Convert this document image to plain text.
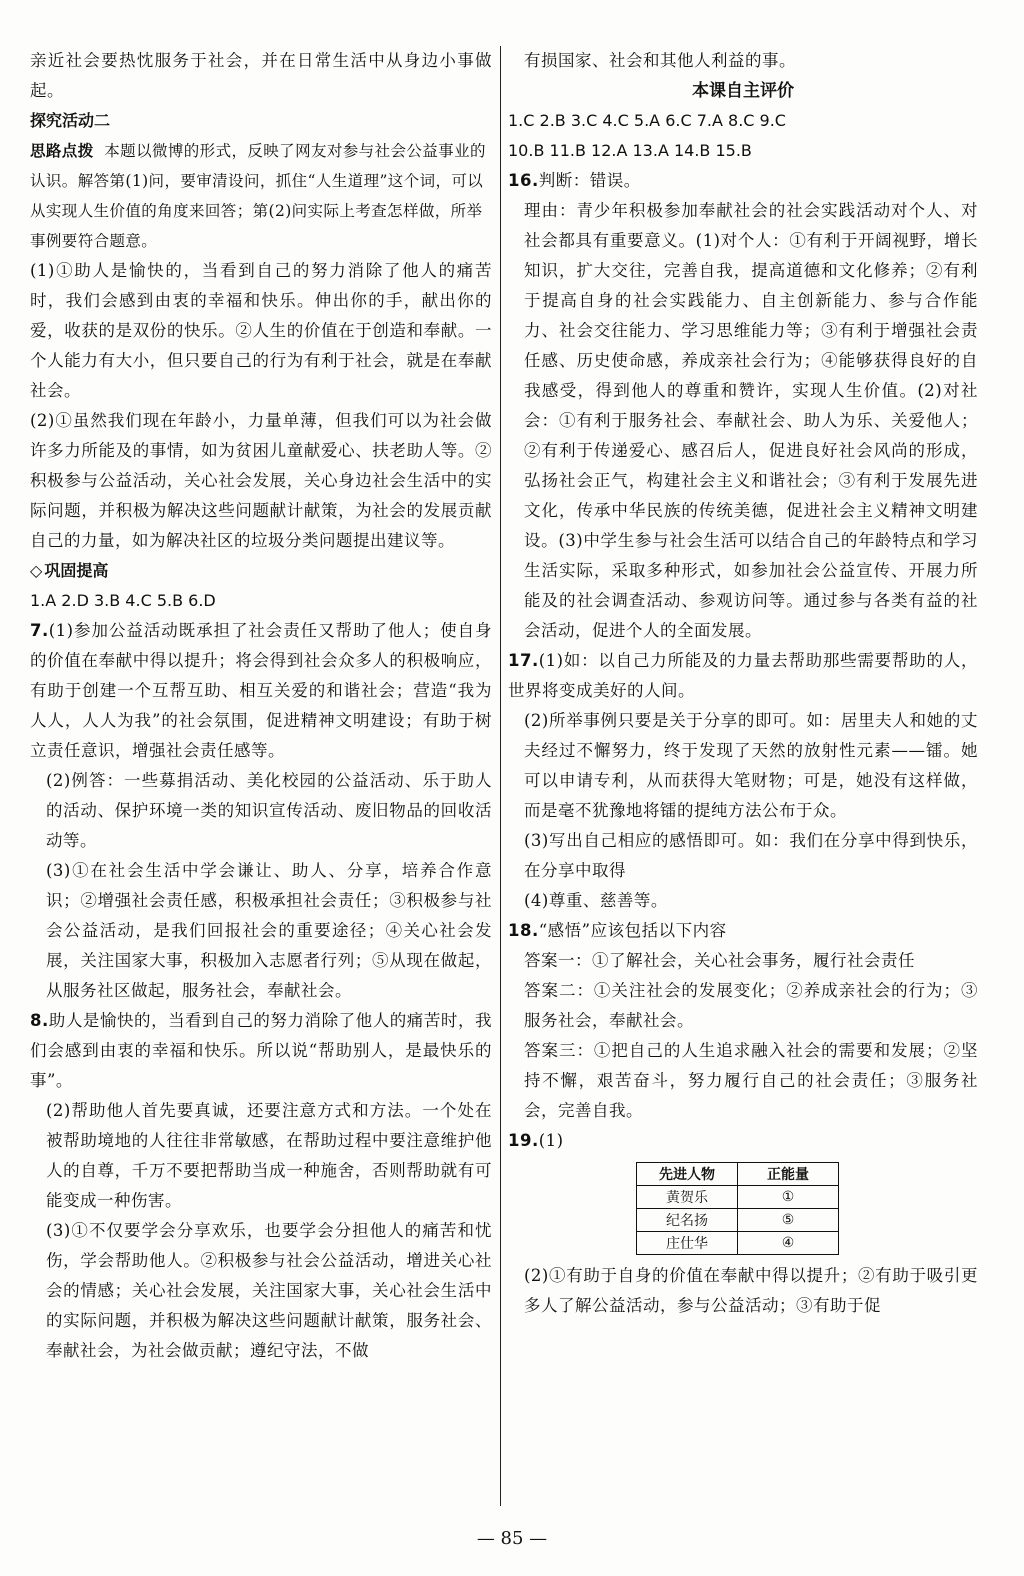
亲近社会要热忱服务于社会，并在日常生活中从身边小事做起。

探究活动二

思路点拨 本题以微博的形式，反映了网友对参与社会公益事业的认识。解答第(1)问，要审清设问，抓住“人生道理”这个词，可以从实现人生价值的角度来回答；第(2)问实际上考查怎样做，所举事例要符合题意。

(1)①助人是愉快的，当看到自己的努力消除了他人的痛苦时，我们会感到由衷的幸福和快乐。伸出你的手，献出你的爱，收获的是双份的快乐。②人生的价值在于创造和奉献。一个人能力有大小，但只要自己的行为有利于社会，就是在奉献社会。

(2)①虽然我们现在年龄小，力量单薄，但我们可以为社会做许多力所能及的事情，如为贫困儿童献爱心、扶老助人等。②积极参与公益活动，关心社会发展，关心身边社会生活中的实际问题，并积极为解决这些问题献计献策，为社会的发展贡献自己的力量，如为解决社区的垃圾分类问题提出建议等。

◇ 巩固提高

1.A 2.D 3.B 4.C 5.B 6.D

7.(1)参加公益活动既承担了社会责任又帮助了他人；使自身的价值在奉献中得以提升；将会得到社会众多人的积极响应，有助于创建一个互帮互助、相互关爱的和谐社会；营造“我为人人，人人为我”的社会氛围，促进精神文明建设；有助于树立责任意识，增强社会责任感等。

(2)例答：一些募捐活动、美化校园的公益活动、乐于助人的活动、保护环境一类的知识宣传活动、废旧物品的回收活动等。

(3)①在社会生活中学会谦让、助人、分享，培养合作意识；②增强社会责任感，积极承担社会责任；③积极参与社会公益活动，是我们回报社会的重要途径；④关心社会发展，关注国家大事，积极加入志愿者行列；⑤从现在做起，从服务社区做起，服务社会，奉献社会。

8.助人是愉快的，当看到自己的努力消除了他人的痛苦时，我们会感到由衷的幸福和快乐。所以说“帮助别人，是最快乐的事”。

(2)帮助他人首先要真诚，还要注意方式和方法。一个处在被帮助境地的人往往非常敏感，在帮助过程中要注意维护他人的自尊，千万不要把帮助当成一种施舍，否则帮助就有可能变成一种伤害。

(3)①不仅要学会分享欢乐，也要学会分担他人的痛苦和忧伤，学会帮助他人。②积极参与社会公益活动，增进关心社会的情感；关心社会发展，关注国家大事，关心社会生活中的实际问题，并积极为解决这些问题献计献策，服务社会、奉献社会，为社会做贡献；遵纪守法，不做

有损国家、社会和其他人利益的事。

本课自主评价

1.C 2.B 3.C 4.C 5.A 6.C 7.A 8.C 9.C

10.B 11.B 12.A 13.A 14.B 15.B

16.判断：错误。

理由：青少年积极参加奉献社会的社会实践活动对个人、对社会都具有重要意义。(1)对个人：①有利于开阔视野，增长知识，扩大交往，完善自我，提高道德和文化修养；②有利于提高自身的社会实践能力、自主创新能力、参与合作能力、社会交往能力、学习思维能力等；③有利于增强社会责任感、历史使命感，养成亲社会行为；④能够获得良好的自我感受，得到他人的尊重和赞许，实现人生价值。(2)对社会：①有利于服务社会、奉献社会、助人为乐、关爱他人；②有利于传递爱心、感召后人，促进良好社会风尚的形成，弘扬社会正气，构建社会主义和谐社会；③有利于发展先进文化，传承中华民族的传统美德，促进社会主义精神文明建设。(3)中学生参与社会生活可以结合自己的年龄特点和学习生活实际，采取多种形式，如参加社会公益宣传、开展力所能及的社会调查活动、参观访问等。通过参与各类有益的社会活动，促进个人的全面发展。

17.(1)如：以自己力所能及的力量去帮助那些需要帮助的人，世界将变成美好的人间。

(2)所举事例只要是关于分享的即可。如：居里夫人和她的丈夫经过不懈努力，终于发现了天然的放射性元素——镭。她可以申请专利，从而获得大笔财物；可是，她没有这样做，而是毫不犹豫地将镭的提纯方法公布于众。

(3)写出自己相应的感悟即可。如：我们在分享中得到快乐，在分享中取得

(4)尊重、慈善等。

18.“感悟”应该包括以下内容

答案一：①了解社会，关心社会事务，履行社会责任

答案二：①关注社会的发展变化；②养成亲社会的行为；③服务社会，奉献社会。

答案三：①把自己的人生追求融入社会的需要和发展；②坚持不懈，艰苦奋斗，努力履行自己的社会责任；③服务社会，完善自我。

19.(1)

先进人物	正能量
黄贺乐	①
纪名扬	⑤
庄仕华	④

(2)①有助于自身的价值在奉献中得以提升；②有助于吸引更多人了解公益活动，参与公益活动；③有助于促

— 85 —
